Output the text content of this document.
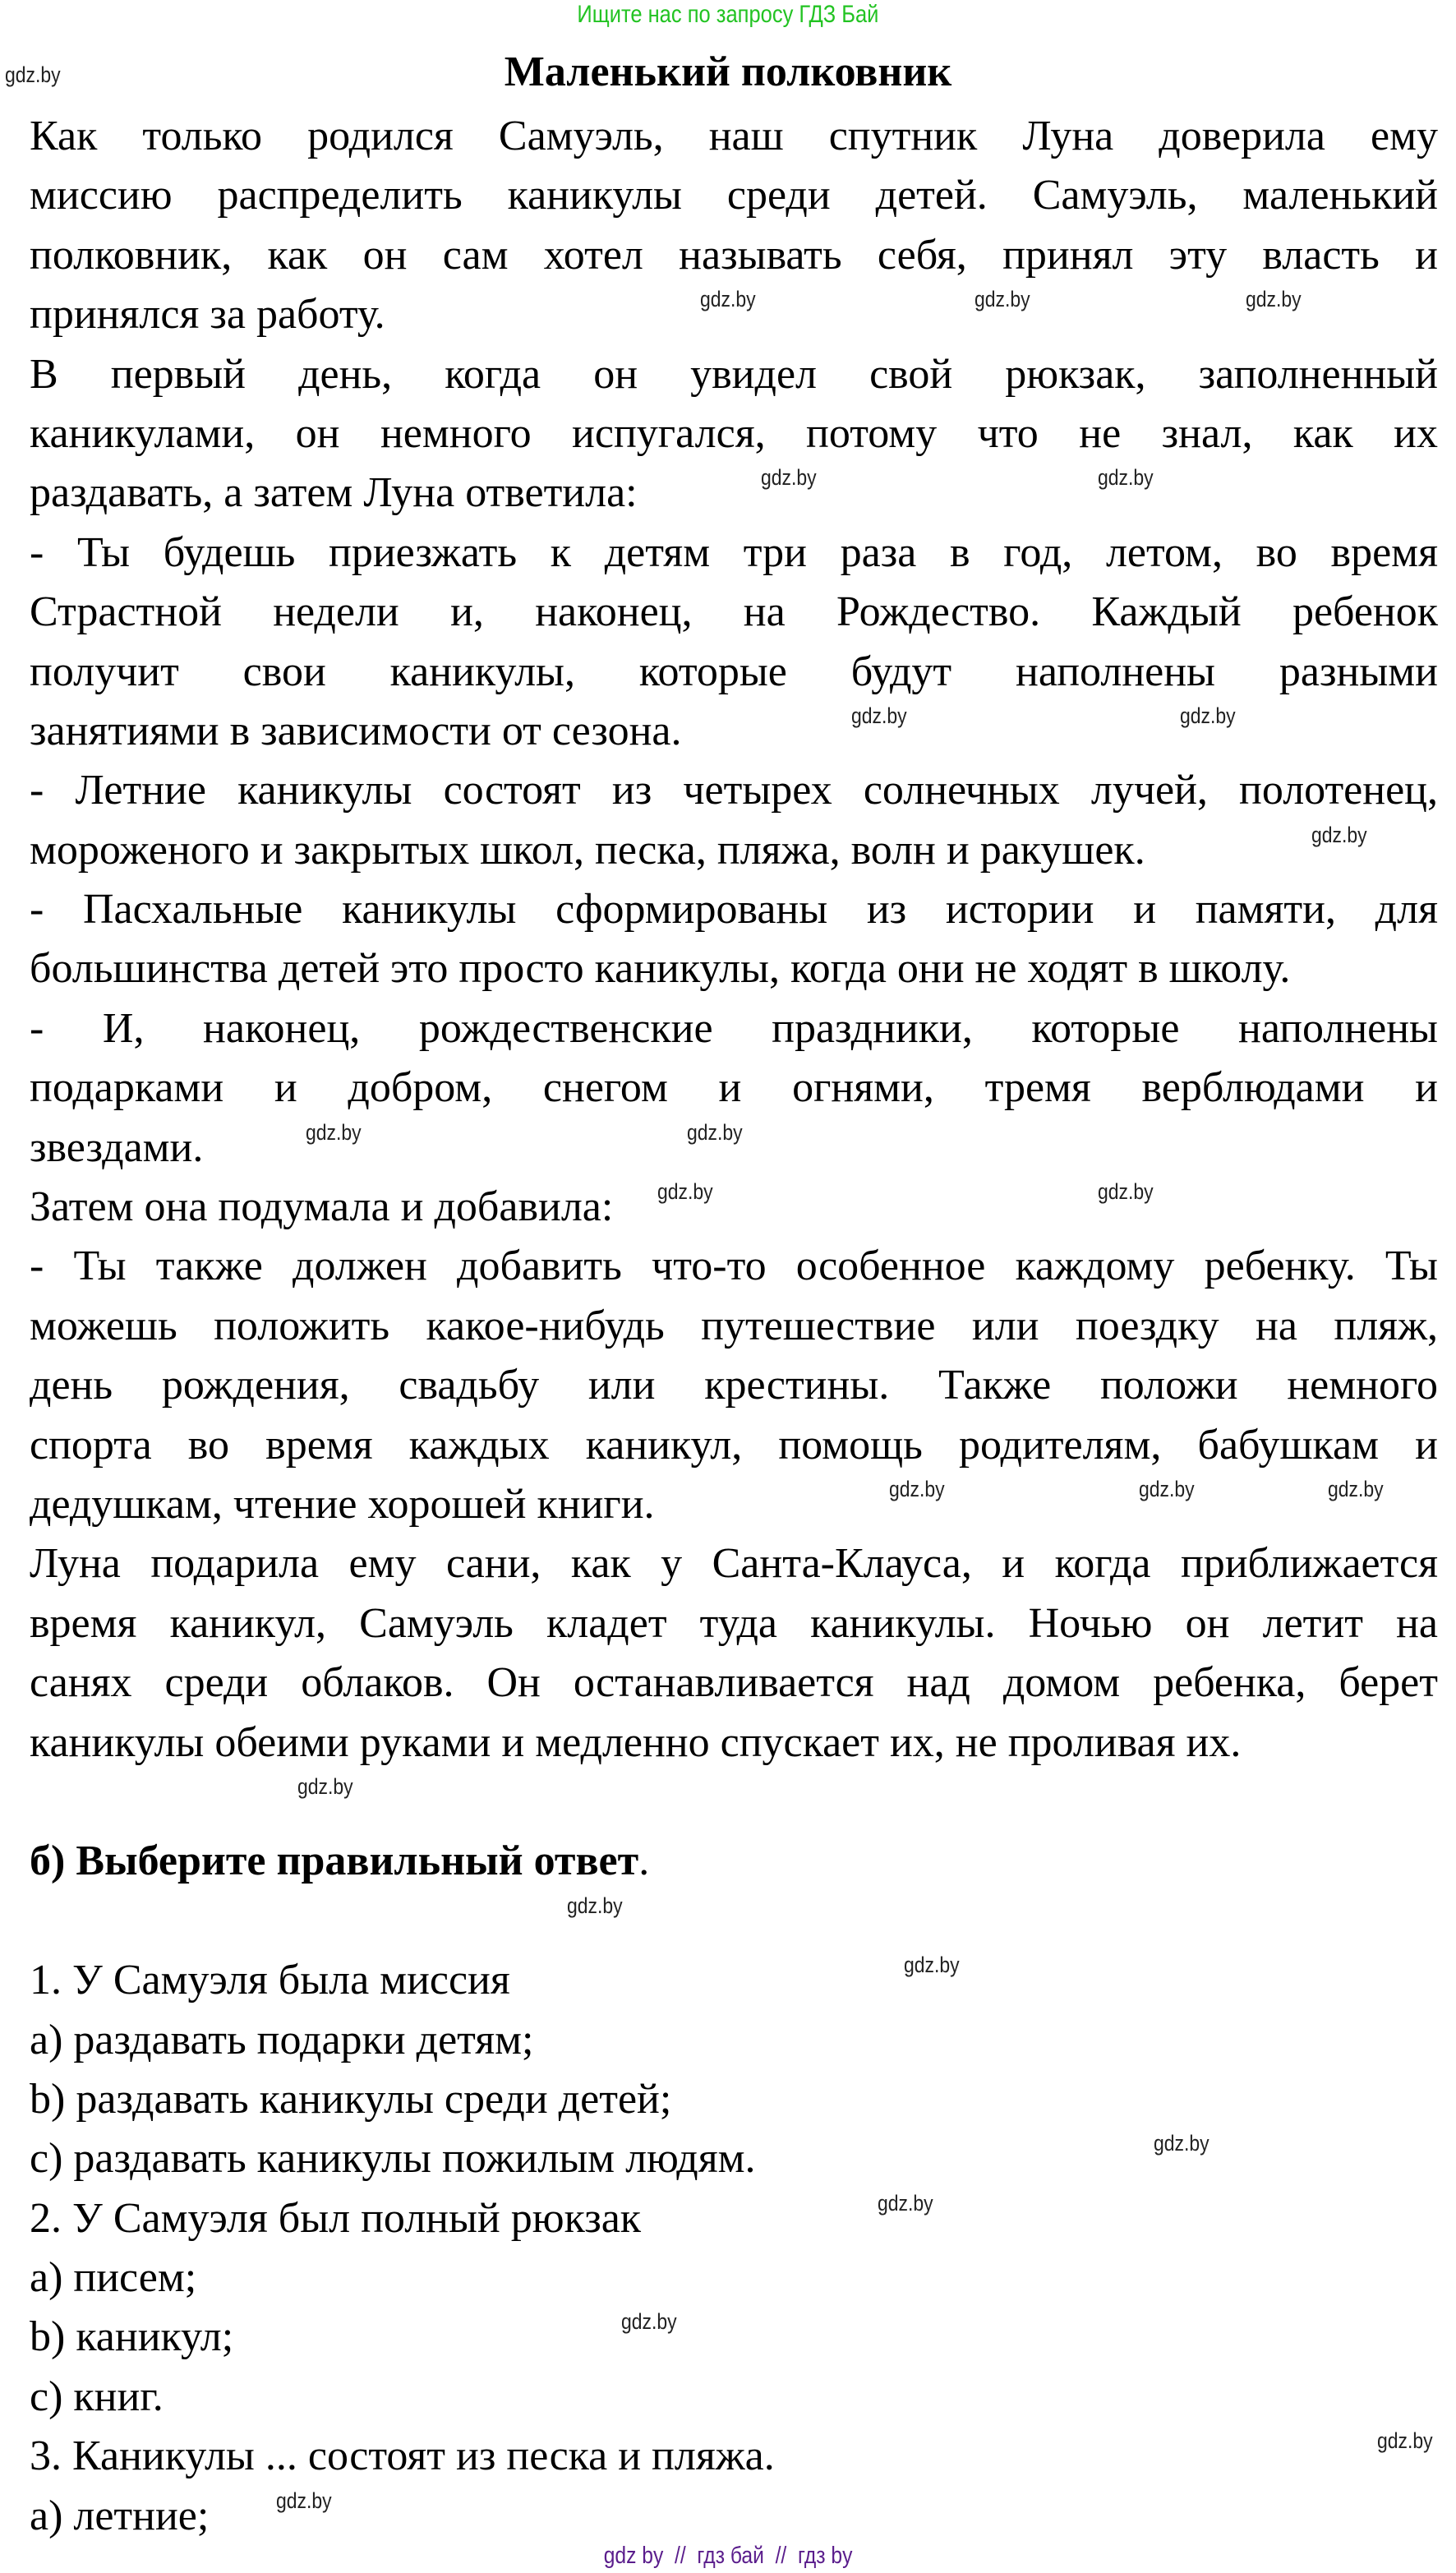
Ищите нас по запросу ГДЗ Бай
Маленький полковник
Как только родился Самуэль, наш спутник Луна доверила ему
миссию распределить каникулы среди детей. Самуэль, маленький
полковник, как он сам хотел называть себя, принял эту власть и
принялся за работу.	gdz.by	gdz.by	gdz.by
В первый день, когда он увидел свой рюкзак, заполненный
каникулами, он немного испугался, потому что не знал, как их
раздавать, а затем Луна ответила:	gdz.by	gdz.by
- Ты будешь приезжать к детям три раза в год, летом, во время
Страстной недели и, наконец, на Рождество. Каждый ребенок
получит свои каникулы, которые будут наполнены разными
занятиями в зависимости от сезона.	gdz.by	gdz.by
- Летние каникулы состоят из четырех солнечных лучей, полотенец,
мороженого и закрытых школ, песка, пляжа, волн и ракушек.	gdz.by
- Пасхальные каникулы сформированы из истории и памяти, для
большинства детей это просто каникулы, когда они не ходят в школу.
- И, наконец, рождественские праздники, которые наполнены
подарками и добром, снегом и огнями, тремя верблюдами и
звездами.	gdz.by	gdz.by
Затем она подумала и добавила: gdz.by	gdz.by
- Ты также должен добавить что-то особенное каждому ребенку. Ты
можешь положить какое-нибудь путешествие или поездку на пляж,
день рождения, свадьбу или крестины. Также положи немного
спорта во время каждых каникул, помощь родителям, бабушкам и
дедушкам, чтение хорошей книги.	gdz.by	gdz.by	gdz.by
Луна подарила ему сани, как у Санта-Клауса, и когда приближается
время каникул, Самуэль кладет туда каникулы. Ночью он летит на
санях среди облаков. Он останавливается над домом ребенка, берет
каникулы обеими руками и медленно спускает их, не проливая их.
gdz.by
б) Выберите правильный ответ.
gdz.by
1. У Самуэля была миссия	gdz.by
a) раздавать подарки детям;
b) раздавать каникулы среди детей;
c) раздавать каникулы пожилым людям.	gdz.by
2. У Самуэля был полный рюкзак	gdz.by
a) писем;
b) каникул;	gdz.by
c) книг.
3. Каникулы ... состоят из песка и пляжа.	gdz.by
a) летние;	gdz.by
gdz.by
gdz by  //  гдз бай  //  гдз by
